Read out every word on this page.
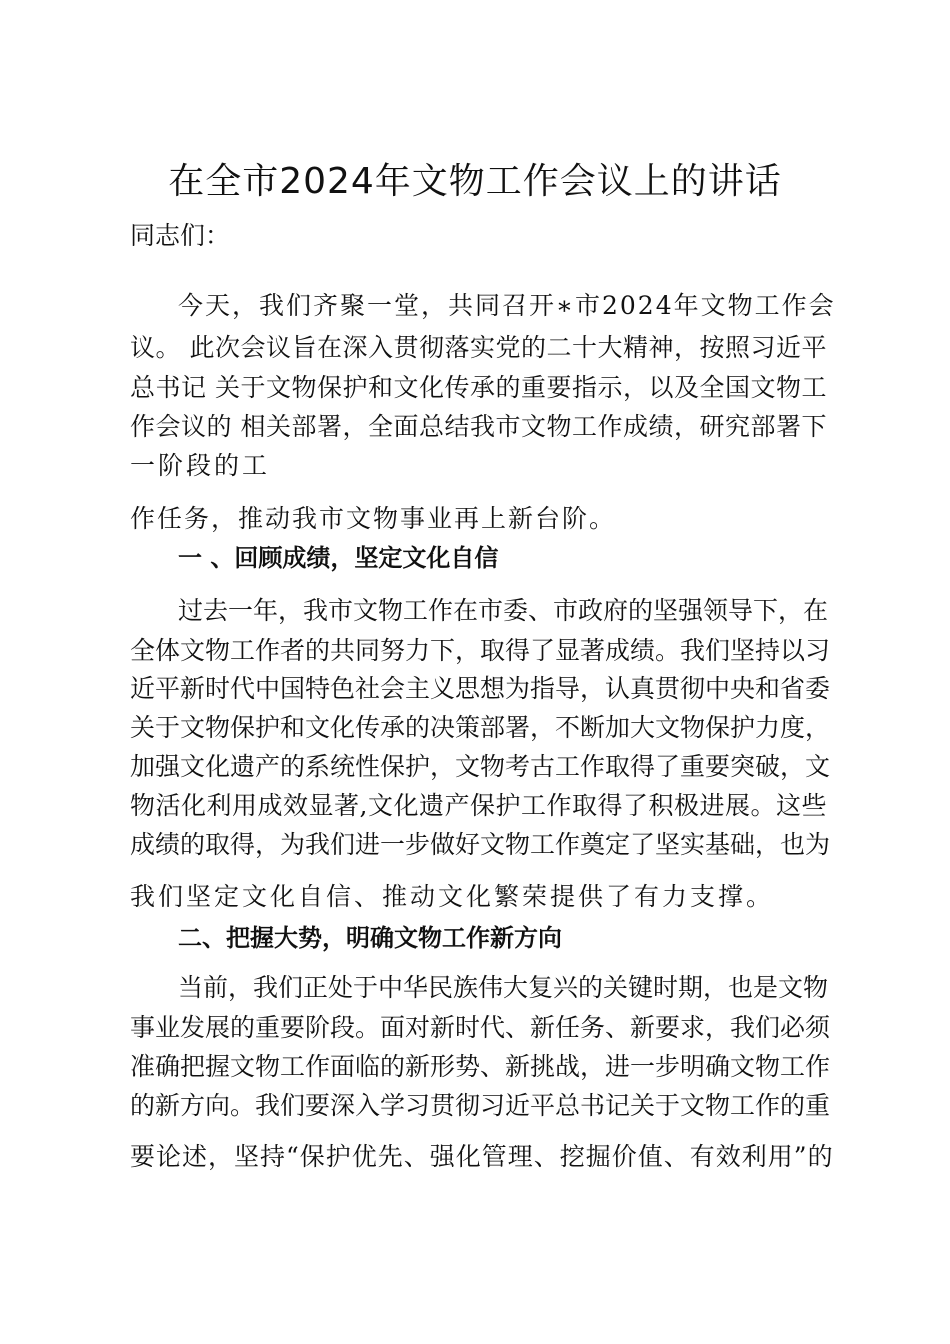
在全市2024年文物工作会议上的讲话
同志们：
今天，我们齐聚一堂，共同召开∗市2024年文物工作会
议。 此次会议旨在深入贯彻落实党的二十大精神，按照习近平
总书记 关于文物保护和文化传承的重要指示，以及全国文物工
作会议的 相关部署，全面总结我市文物工作成绩，研究部署下
一阶段的工
作任务，推动我市文物事业再上新台阶。
一 、回顾成绩，坚定文化自信
过去一年，我市文物工作在市委、市政府的坚强领导下，在
全体文物工作者的共同努力下，取得了显著成绩。我们坚持以习
近平新时代中国特色社会主义思想为指导，认真贯彻中央和省委
关于文物保护和文化传承的决策部署，不断加大文物保护力度，
加强文化遗产的系统性保护，文物考古工作取得了重要突破，文
物活化利用成效显著,文化遗产保护工作取得了积极进展。这些
成绩的取得，为我们进一步做好文物工作奠定了坚实基础，也为
我们坚定文化自信、推动文化繁荣提供了有力支撑。
二、把握大势，明确文物工作新方向
当前，我们正处于中华民族伟大复兴的关键时期，也是文物
事业发展的重要阶段。面对新时代、新任务、新要求，我们必须
准确把握文物工作面临的新形势、新挑战，进一步明确文物工作
的新方向。我们要深入学习贯彻习近平总书记关于文物工作的重
要论述，坚持“保护优先、强化管理、挖掘价值、有效利用”的
